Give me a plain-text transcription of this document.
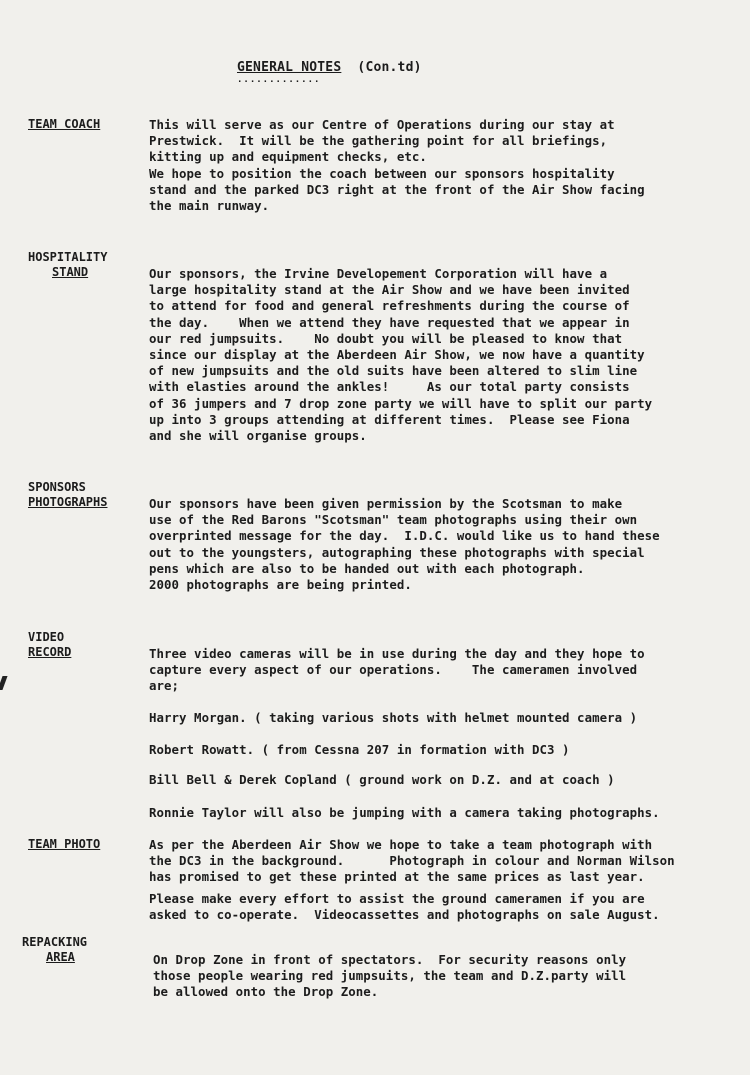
GENERAL NOTES (Con.td)
.............
TEAM COACH	This will serve as our Centre of Operations during our stay at
Prestwick.  It will be the gathering point for all briefings,
kitting up and equipment checks, etc.
We hope to position the coach between our sponsors hospitality
stand and the parked DC3 right at the front of the Air Show facing
the main runway.
HOSPITALITY
STAND	Our sponsors, the Irvine Developement Corporation will have a
large hospitality stand at the Air Show and we have been invited
to attend for food and general refreshments during the course of
the day.    When we attend they have requested that we appear in
our red jumpsuits.    No doubt you will be pleased to know that
since our display at the Aberdeen Air Show, we now have a quantity
of new jumpsuits and the old suits have been altered to slim line
with elasties around the ankles!     As our total party consists
of 36 jumpers and 7 drop zone party we will have to split our party
up into 3 groups attending at different times.  Please see Fiona
and she will organise groups.
SPONSORS
PHOTOGRAPHS	Our sponsors have been given permission by the Scotsman to make
use of the Red Barons "Scotsman" team photographs using their own
overprinted message for the day.  I.D.C. would like us to hand these
out to the youngsters, autographing these photographs with special
pens which are also to be handed out with each photograph.
2000 photographs are being printed.
VIDEO
RECORD	Three video cameras will be in use during the day and they hope to
capture every aspect of our operations.    The cameramen involved
are;
Harry Morgan. ( taking various shots with helmet mounted camera )
Robert Rowatt. ( from Cessna 207 in formation with DC3 )
Bill Bell & Derek Copland ( ground work on D.Z. and at coach )
Ronnie Taylor will also be jumping with a camera taking photographs.
TEAM PHOTO	As per the Aberdeen Air Show we hope to take a team photograph with
the DC3 in the background.      Photograph in colour and Norman Wilson
has promised to get these printed at the same prices as last year.
Please make every effort to assist the ground cameramen if you are
asked to co-operate.  Videocassettes and photographs on sale August.
REPACKING
AREA	On Drop Zone in front of spectators.  For security reasons only
those people wearing red jumpsuits, the team and D.Z.party will
be allowed onto the Drop Zone.
